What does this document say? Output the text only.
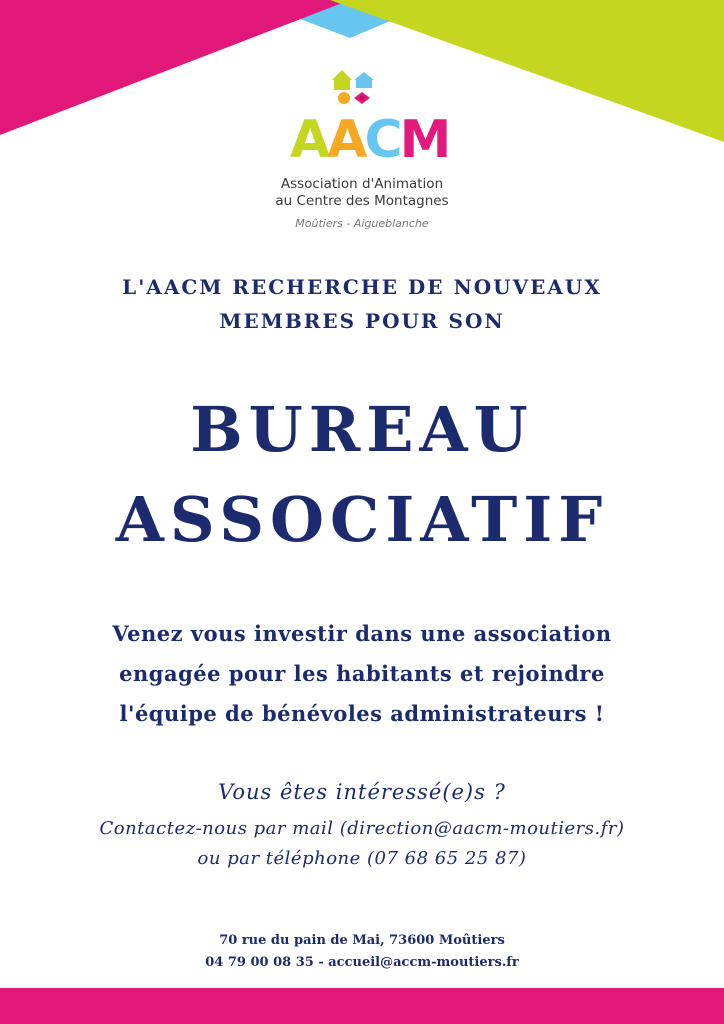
AACM
Association d'Animation
au Centre des Montagnes
Moûtiers - Aigueblanche
L'AACM RECHERCHE DE NOUVEAUX
MEMBRES POUR SON
BUREAU
ASSOCIATIF
Venez vous investir dans une association
engagée pour les habitants et rejoindre
l'équipe de bénévoles administrateurs !
Vous êtes intéressé(e)s ?
Contactez-nous par mail (direction@aacm-moutiers.fr)
ou par téléphone (07 68 65 25 87)
70 rue du pain de Mai, 73600 Moûtiers
04 79 00 08 35 - accueil@accm-moutiers.fr
